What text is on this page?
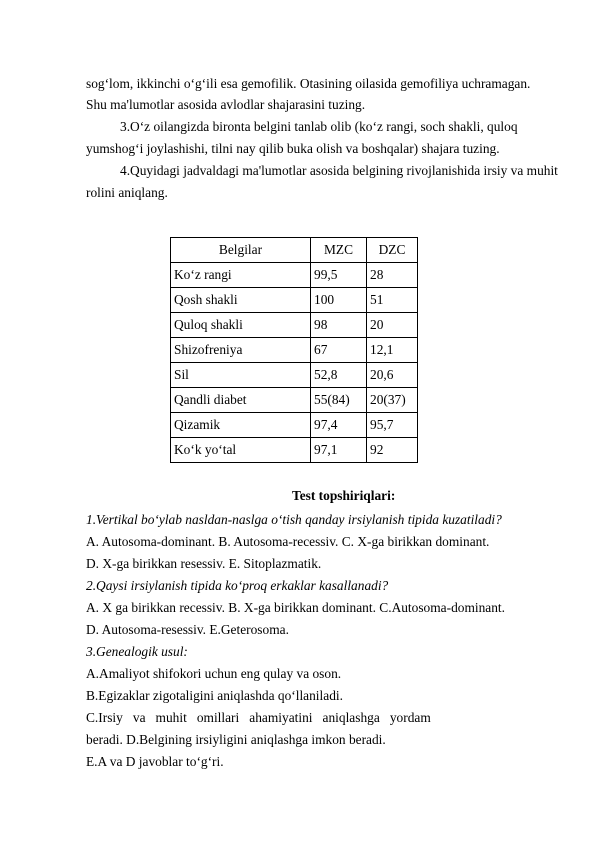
sog‘lom, ikkinchi o‘g‘ili esa gemofilik. Otasining oilasida gemofiliya uchramagan.
Shu ma'lumotlar asosida avlodlar shajarasini tuzing.
3.O‘z oilangizda bironta belgini tanlab olib (ko‘z rangi, soch shakli, quloq
yumshog‘i joylashishi, tilni nay qilib buka olish va boshqalar) shajara tuzing.
4.Quyidagi jadvaldagi ma'lumotlar asosida belgining rivojlanishida irsiy va muhit
rolini aniqlang.
Belgilar	MZC	DZC
Ko‘z rangi	99,5	28
Qosh shakli	100	51
Quloq shakli	98	20
Shizofreniya	67	12,1
Sil	52,8	20,6
Qandli diabet	55(84)	20(37)
Qizamik	97,4	95,7
Ko‘k yo‘tal	97,1	92
Test topshiriqlari:
1.Vertikal bo‘ylab nasldan-naslga o‘tish qanday irsiylanish tipida kuzatiladi?
A. Autosoma-dominant. B. Autosoma-recessiv. C. X-ga birikkan dominant.
D. X-ga birikkan resessiv. E. Sitoplazmatik.
2.Qaysi irsiylanish tipida ko‘proq erkaklar kasallanadi?
A. X ga birikkan recessiv. B. X-ga birikkan dominant. C.Autosoma-dominant.
D. Autosoma-resessiv. E.Geterosoma.
3.Genealogik usul:
A.Amaliyot shifokori uchun eng qulay va oson.
B.Egizaklar zigotaligini aniqlashda qo‘llaniladi.
C.Irsiy   va   muhit   omillari   ahamiyatini   aniqlashga   yordam
beradi. D.Belgining irsiyligini aniqlashga imkon beradi.
E.A va D javoblar to‘g‘ri.
